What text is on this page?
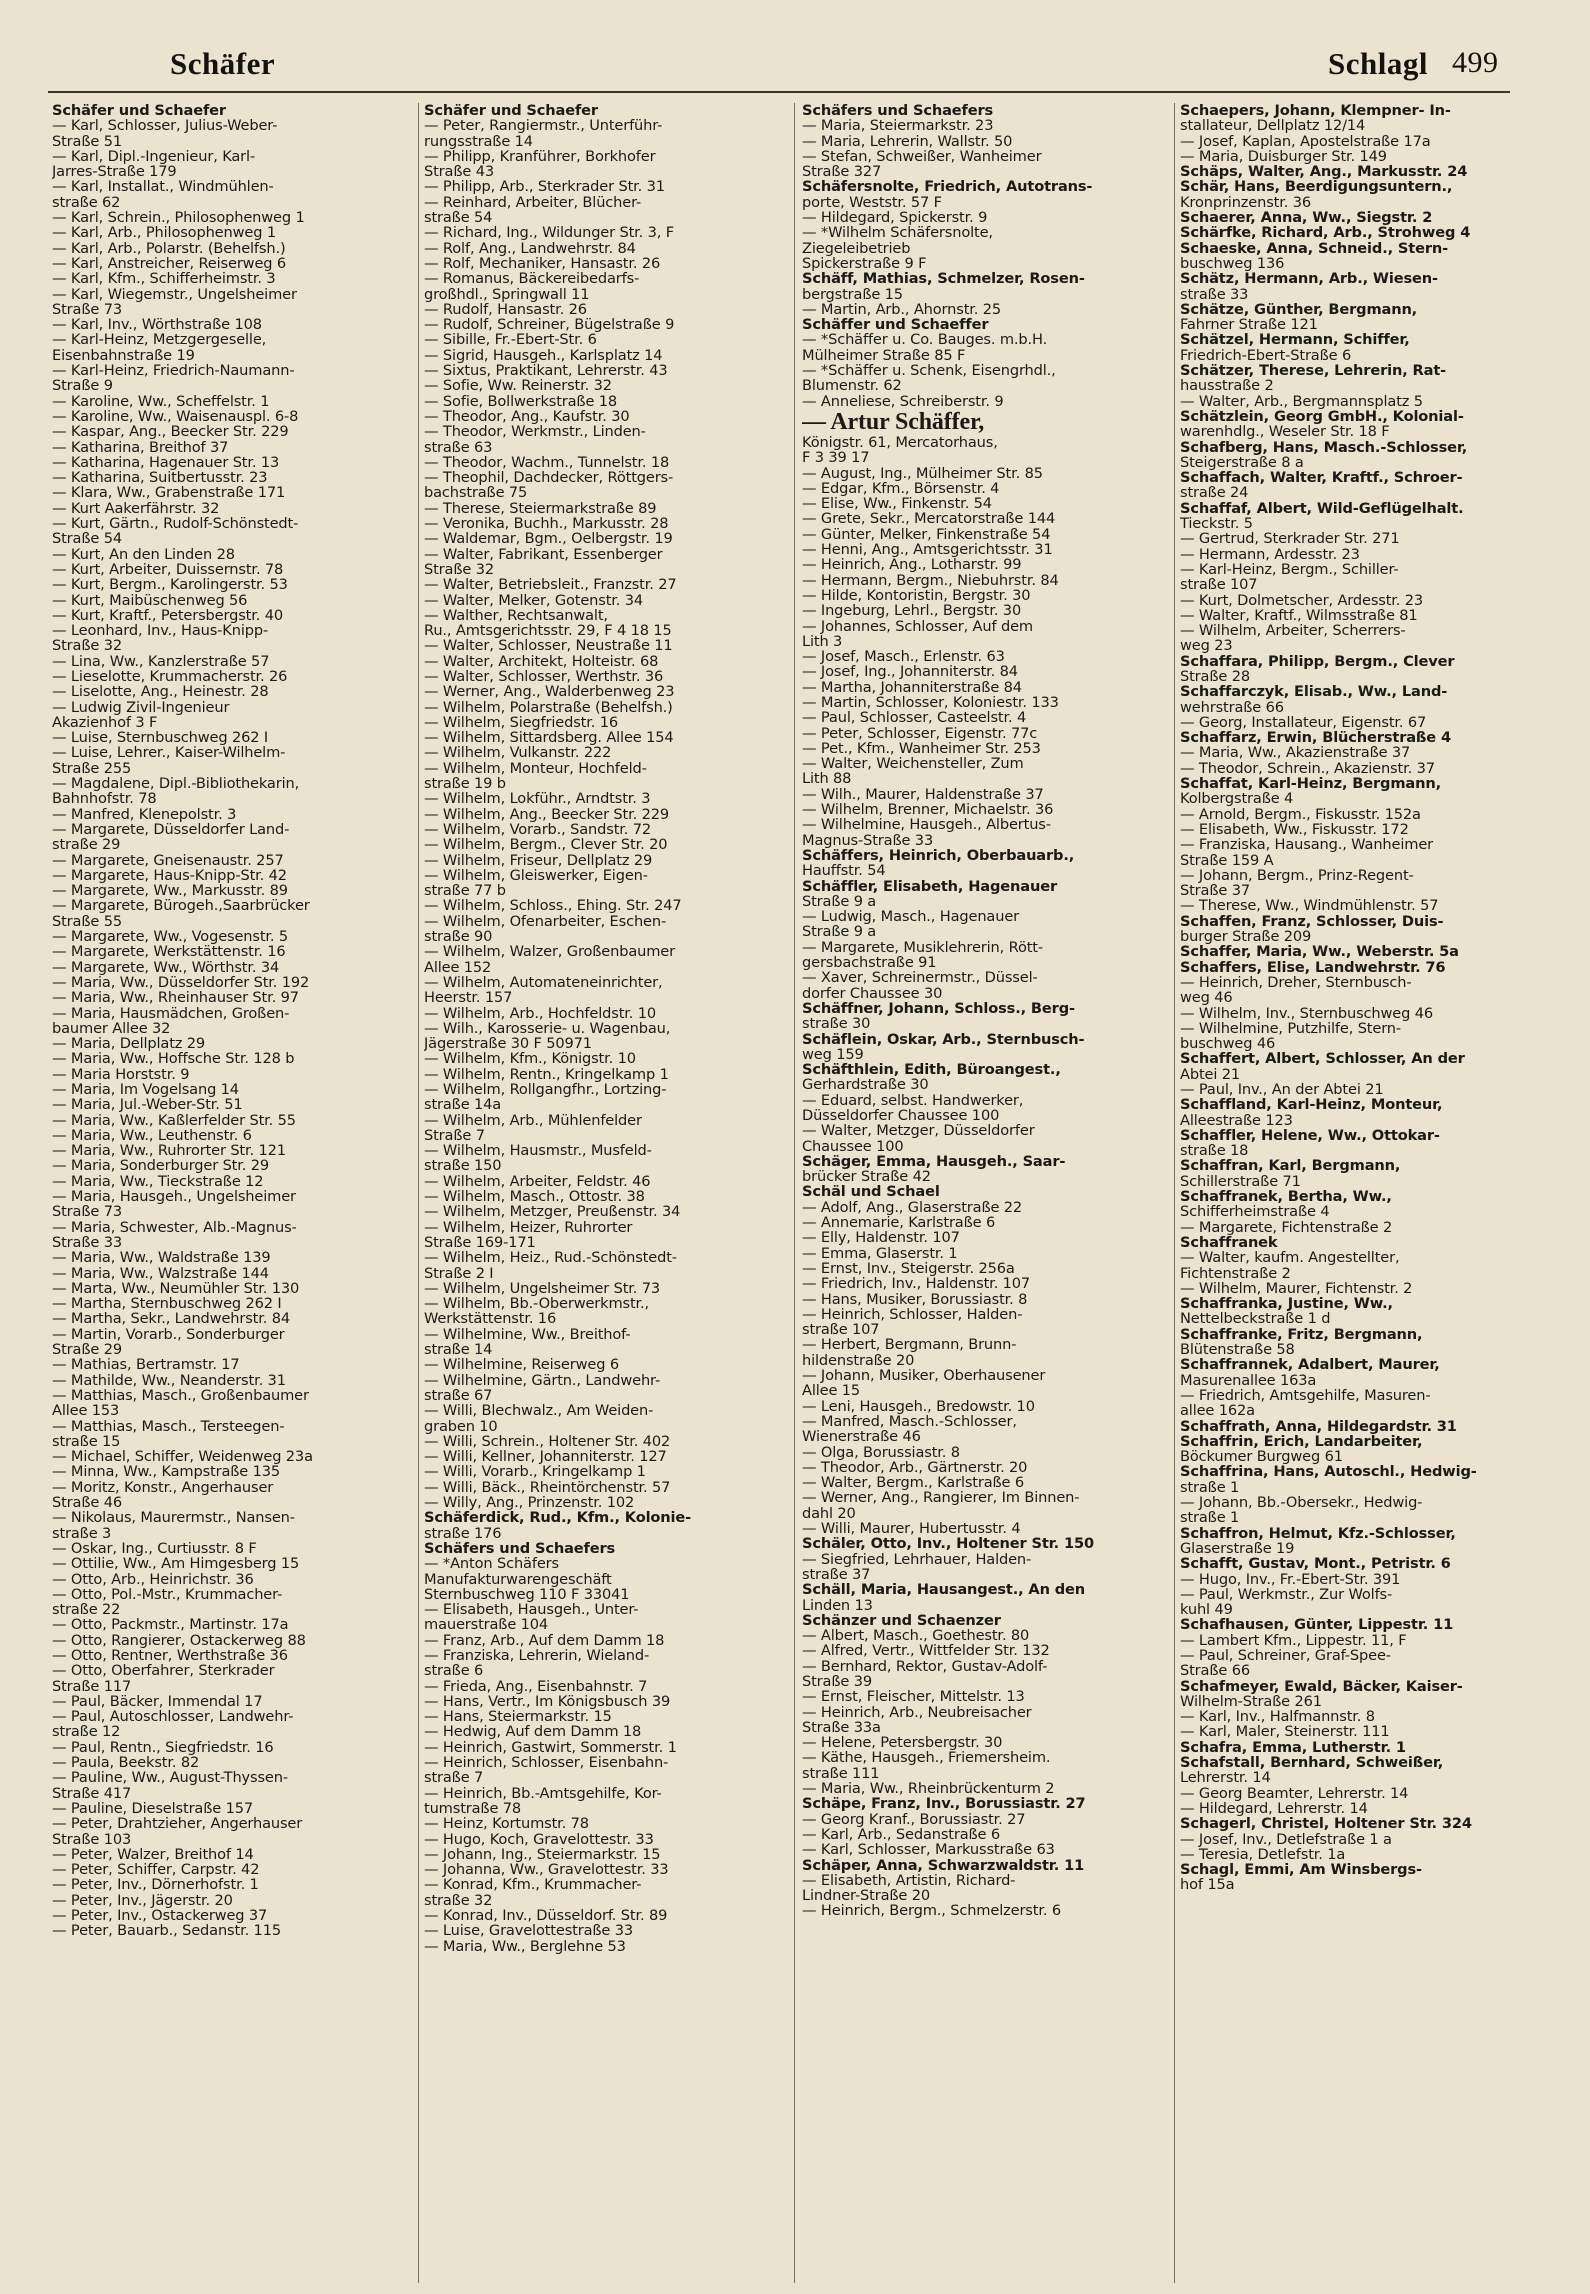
Schäfer	Schlagl 499
Schäfer und Schaefer
— Karl, Schlosser, Julius-Weber-
Straße 51
— Karl, Dipl.-Ingenieur, Karl-
Jarres-Straße 179
— Karl, Installat., Windmühlen-
straße 62
— Karl, Schrein., Philosophenweg 1
— Karl, Arb., Philosophenweg 1
— Karl, Arb., Polarstr. (Behelfsh.)
— Karl, Anstreicher, Reiserweg 6
— Karl, Kfm., Schifferheimstr. 3
— Karl, Wiegemstr., Ungelsheimer
Straße 73
— Karl, Inv., Wörthstraße 108
— Karl-Heinz, Metzgergeselle,
Eisenbahnstraße 19
— Karl-Heinz, Friedrich-Naumann-
Straße 9
— Karoline, Ww., Scheffelstr. 1
— Karoline, Ww., Waisenauspl. 6-8
— Kaspar, Ang., Beecker Str. 229
— Katharina, Breithof 37
— Katharina, Hagenauer Str. 13
— Katharina, Suitbertusstr. 23
— Klara, Ww., Grabenstraße 171
— Kurt Aakerfährstr. 32
— Kurt, Gärtn., Rudolf-Schönstedt-
Straße 54
— Kurt, An den Linden 28
— Kurt, Arbeiter, Duissernstr. 78
— Kurt, Bergm., Karolingerstr. 53
— Kurt, Maibüschenweg 56
— Kurt, Kraftf., Petersbergstr. 40
— Leonhard, Inv., Haus-Knipp-
Straße 32
— Lina, Ww., Kanzlerstraße 57
— Lieselotte, Krummacherstr. 26
— Liselotte, Ang., Heinestr. 28
— Ludwig Zivil-Ingenieur
Akazienhof 3 F
— Luise, Sternbuschweg 262 I
— Luise, Lehrer., Kaiser-Wilhelm-
Straße 255
— Magdalene, Dipl.-Bibliothekarin,
Bahnhofstr. 78
— Manfred, Klenepolstr. 3
— Margarete, Düsseldorfer Land-
straße 29
— Margarete, Gneisenaustr. 257
— Margarete, Haus-Knipp-Str. 42
— Margarete, Ww., Markusstr. 89
— Margarete, Bürogeh.,Saarbrücker
Straße 55
— Margarete, Ww., Vogesenstr. 5
— Margarete, Werkstättenstr. 16
— Margarete, Ww., Wörthstr. 34
— Maria, Ww., Düsseldorfer Str. 192
— Maria, Ww., Rheinhauser Str. 97
— Maria, Hausmädchen, Großen-
baumer Allee 32
— Maria, Dellplatz 29
— Maria, Ww., Hoffsche Str. 128 b
— Maria Horststr. 9
— Maria, Im Vogelsang 14
— Maria, Jul.-Weber-Str. 51
— Maria, Ww., Kaßlerfelder Str. 55
— Maria, Ww., Leuthenstr. 6
— Maria, Ww., Ruhrorter Str. 121
— Maria, Sonderburger Str. 29
— Maria, Ww., Tieckstraße 12
— Maria, Hausgeh., Ungelsheimer
Straße 73
— Maria, Schwester, Alb.-Magnus-
Straße 33
— Maria, Ww., Waldstraße 139
— Maria, Ww., Walzstraße 144
— Marta, Ww., Neumühler Str. 130
— Martha, Sternbuschweg 262 I
— Martha, Sekr., Landwehrstr. 84
— Martin, Vorarb., Sonderburger
Straße 29
— Mathias, Bertramstr. 17
— Mathilde, Ww., Neanderstr. 31
— Matthias, Masch., Großenbaumer
Allee 153
— Matthias, Masch., Tersteegen-
straße 15
— Michael, Schiffer, Weidenweg 23a
— Minna, Ww., Kampstraße 135
— Moritz, Konstr., Angerhauser
Straße 46
— Nikolaus, Maurermstr., Nansen-
straße 3
— Oskar, Ing., Curtiusstr. 8 F
— Ottilie, Ww., Am Himgesberg 15
— Otto, Arb., Heinrichstr. 36
— Otto, Pol.-Mstr., Krummacher-
straße 22
— Otto, Packmstr., Martinstr. 17a
— Otto, Rangierer, Ostackerweg 88
— Otto, Rentner, Werthstraße 36
— Otto, Oberfahrer, Sterkrader
Straße 117
— Paul, Bäcker, Immendal 17
— Paul, Autoschlosser, Landwehr-
straße 12
— Paul, Rentn., Siegfriedstr. 16
— Paula, Beekstr. 82
— Pauline, Ww., August-Thyssen-
Straße 417
— Pauline, Dieselstraße 157
— Peter, Drahtzieher, Angerhauser
Straße 103
— Peter, Walzer, Breithof 14
— Peter, Schiffer, Carpstr. 42
— Peter, Inv., Dörnerhofstr. 1
— Peter, Inv., Jägerstr. 20
— Peter, Inv., Ostackerweg 37
— Peter, Bauarb., Sedanstr. 115
Schäfer und Schaefer
— Peter, Rangiermstr., Unterführ-
rungsstraße 14
— Philipp, Kranführer, Borkhofer
Straße 43
— Philipp, Arb., Sterkrader Str. 31
— Reinhard, Arbeiter, Blücher-
straße 54
— Richard, Ing., Wildunger Str. 3, F
— Rolf, Ang., Landwehrstr. 84
— Rolf, Mechaniker, Hansastr. 26
— Romanus, Bäckereibedarfs-
großhdl., Springwall 11
— Rudolf, Hansastr. 26
— Rudolf, Schreiner, Bügelstraße 9
— Sibille, Fr.-Ebert-Str. 6
— Sigrid, Hausgeh., Karlsplatz 14
— Sixtus, Praktikant, Lehrerstr. 43
— Sofie, Ww. Reinerstr. 32
— Sofie, Bollwerkstraße 18
— Theodor, Ang., Kaufstr. 30
— Theodor, Werkmstr., Linden-
straße 63
— Theodor, Wachm., Tunnelstr. 18
— Theophil, Dachdecker, Röttgers-
bachstraße 75
— Therese, Steiermarkstraße 89
— Veronika, Buchh., Markusstr. 28
— Waldemar, Bgm., Oelbergstr. 19
— Walter, Fabrikant, Essenberger
Straße 32
— Walter, Betriebsleit., Franzstr. 27
— Walter, Melker, Gotenstr. 34
— Walther, Rechtsanwalt,
Ru., Amtsgerichtsstr. 29, F 4 18 15
— Walter, Schlosser, Neustraße 11
— Walter, Architekt, Holteistr. 68
— Walter, Schlosser, Werthstr. 36
— Werner, Ang., Walderbenweg 23
— Wilhelm, Polarstraße (Behelfsh.)
— Wilhelm, Siegfriedstr. 16
— Wilhelm, Sittardsberg. Allee 154
— Wilhelm, Vulkanstr. 222
— Wilhelm, Monteur, Hochfeld-
straße 19 b
— Wilhelm, Lokführ., Arndtstr. 3
— Wilhelm, Ang., Beecker Str. 229
— Wilhelm, Vorarb., Sandstr. 72
— Wilhelm, Bergm., Clever Str. 20
— Wilhelm, Friseur, Dellplatz 29
— Wilhelm, Gleiswerker, Eigen-
straße 77 b
— Wilhelm, Schloss., Ehing. Str. 247
— Wilhelm, Ofenarbeiter, Eschen-
straße 90
— Wilhelm, Walzer, Großenbaumer
Allee 152
— Wilhelm, Automateneinrichter,
Heerstr. 157
— Wilhelm, Arb., Hochfeldstr. 10
— Wilh., Karosserie- u. Wagenbau,
Jägerstraße 30 F 50971
— Wilhelm, Kfm., Königstr. 10
— Wilhelm, Rentn., Kringelkamp 1
— Wilhelm, Rollgangfhr., Lortzing-
straße 14a
— Wilhelm, Arb., Mühlenfelder
Straße 7
— Wilhelm, Hausmstr., Musfeld-
straße 150
— Wilhelm, Arbeiter, Feldstr. 46
— Wilhelm, Masch., Ottostr. 38
— Wilhelm, Metzger, Preußenstr. 34
— Wilhelm, Heizer, Ruhrorter
Straße 169-171
— Wilhelm, Heiz., Rud.-Schönstedt-
Straße 2 I
— Wilhelm, Ungelsheimer Str. 73
— Wilhelm, Bb.-Oberwerkmstr.,
Werkstättenstr. 16
— Wilhelmine, Ww., Breithof-
straße 14
— Wilhelmine, Reiserweg 6
— Wilhelmine, Gärtn., Landwehr-
straße 67
— Willi, Blechwalz., Am Weiden-
graben 10
— Willi, Schrein., Holtener Str. 402
— Willi, Kellner, Johanniterstr. 127
— Willi, Vorarb., Kringelkamp 1
— Willi, Bäck., Rheintörchenstr. 57
— Willy, Ang., Prinzenstr. 102
Schäferdick, Rud., Kfm., Kolonie-
straße 176
Schäfers und Schaefers
— *Anton Schäfers
Manufakturwarengeschäft
Sternbuschweg 110 F 33041
— Elisabeth, Hausgeh., Unter-
mauerstraße 104
— Franz, Arb., Auf dem Damm 18
— Franziska, Lehrerin, Wieland-
straße 6
— Frieda, Ang., Eisenbahnstr. 7
— Hans, Vertr., Im Königsbusch 39
— Hans, Steiermarkstr. 15
— Hedwig, Auf dem Damm 18
— Heinrich, Gastwirt, Sommerstr. 1
— Heinrich, Schlosser, Eisenbahn-
straße 7
— Heinrich, Bb.-Amtsgehilfe, Kor-
tumstraße 78
— Heinz, Kortumstr. 78
— Hugo, Koch, Gravelottestr. 33
— Johann, Ing., Steiermarkstr. 15
— Johanna, Ww., Gravelottestr. 33
— Konrad, Kfm., Krummacher-
straße 32
— Konrad, Inv., Düsseldorf. Str. 89
— Luise, Gravelottestraße 33
— Maria, Ww., Berglehne 53
Schäfers und Schaefers
— Maria, Steiermarkstr. 23
— Maria, Lehrerin, Wallstr. 50
— Stefan, Schweißer, Wanheimer
Straße 327
Schäfersnolte, Friedrich, Autotrans-
porte, Weststr. 57 F
— Hildegard, Spickerstr. 9
— *Wilhelm Schäfersnolte,
Ziegeleibetrieb
Spickerstraße 9 F
Schäff, Mathias, Schmelzer, Rosen-
bergstraße 15
— Martin, Arb., Ahornstr. 25
Schäffer und Schaeffer
— *Schäffer u. Co. Bauges. m.b.H.
Mülheimer Straße 85 F
— *Schäffer u. Schenk, Eisengrhdl.,
Blumenstr. 62
— Anneliese, Schreiberstr. 9
— Artur Schäffer,
Königstr. 61, Mercatorhaus,
F 3 39 17
— August, Ing., Mülheimer Str. 85
— Edgar, Kfm., Börsenstr. 4
— Elise, Ww., Finkenstr. 54
— Grete, Sekr., Mercatorstraße 144
— Günter, Melker, Finkenstraße 54
— Henni, Ang., Amtsgerichtsstr. 31
— Heinrich, Ang., Lotharstr. 99
— Hermann, Bergm., Niebuhrstr. 84
— Hilde, Kontoristin, Bergstr. 30
— Ingeburg, Lehrl., Bergstr. 30
— Johannes, Schlosser, Auf dem
Lith 3
— Josef, Masch., Erlenstr. 63
— Josef, Ing., Johanniterstr. 84
— Martha, Johanniterstraße 84
— Martin, Schlosser, Koloniestr. 133
— Paul, Schlosser, Casteelstr. 4
— Peter, Schlosser, Eigenstr. 77c
— Pet., Kfm., Wanheimer Str. 253
— Walter, Weichensteller, Zum
Lith 88
— Wilh., Maurer, Haldenstraße 37
— Wilhelm, Brenner, Michaelstr. 36
— Wilhelmine, Hausgeh., Albertus-
Magnus-Straße 33
Schäffers, Heinrich, Oberbauarb.,
Hauffstr. 54
Schäffler, Elisabeth, Hagenauer
Straße 9 a
— Ludwig, Masch., Hagenauer
Straße 9 a
— Margarete, Musiklehrerin, Rött-
gersbachstraße 91
— Xaver, Schreinermstr., Düssel-
dorfer Chaussee 30
Schäffner, Johann, Schloss., Berg-
straße 30
Schäflein, Oskar, Arb., Sternbusch-
weg 159
Schäfthlein, Edith, Büroangest.,
Gerhardstraße 30
— Eduard, selbst. Handwerker,
Düsseldorfer Chaussee 100
— Walter, Metzger, Düsseldorfer
Chaussee 100
Schäger, Emma, Hausgeh., Saar-
brücker Straße 42
Schäl und Schael
— Adolf, Ang., Glaserstraße 22
— Annemarie, Karlstraße 6
— Elly, Haldenstr. 107
— Emma, Glaserstr. 1
— Ernst, Inv., Steigerstr. 256a
— Friedrich, Inv., Haldenstr. 107
— Hans, Musiker, Borussiastr. 8
— Heinrich, Schlosser, Halden-
straße 107
— Herbert, Bergmann, Brunn-
hildenstraße 20
— Johann, Musiker, Oberhausener
Allee 15
— Leni, Hausgeh., Bredowstr. 10
— Manfred, Masch.-Schlosser,
Wienerstraße 46
— Olga, Borussiastr. 8
— Theodor, Arb., Gärtnerstr. 20
— Walter, Bergm., Karlstraße 6
— Werner, Ang., Rangierer, Im Binnen-
dahl 20
— Willi, Maurer, Hubertusstr. 4
Schäler, Otto, Inv., Holtener Str. 150
— Siegfried, Lehrhauer, Halden-
straße 37
Schäll, Maria, Hausangest., An den
Linden 13
Schänzer und Schaenzer
— Albert, Masch., Goethestr. 80
— Alfred, Vertr., Wittfelder Str. 132
— Bernhard, Rektor, Gustav-Adolf-
Straße 39
— Ernst, Fleischer, Mittelstr. 13
— Heinrich, Arb., Neubreisacher
Straße 33a
— Helene, Petersbergstr. 30
— Käthe, Hausgeh., Friemersheim.
straße 111
— Maria, Ww., Rheinbrückenturm 2
Schäpe, Franz, Inv., Borussiastr. 27
— Georg Kranf., Borussiastr. 27
— Karl, Arb., Sedanstraße 6
— Karl, Schlosser, Markusstraße 63
Schäper, Anna, Schwarzwaldstr. 11
— Elisabeth, Artistin, Richard-
Lindner-Straße 20
— Heinrich, Bergm., Schmelzerstr. 6
Schaepers, Johann, Klempner- In-
stallateur, Dellplatz 12/14
— Josef, Kaplan, Apostelstraße 17a
— Maria, Duisburger Str. 149
Schäps, Walter, Ang., Markusstr. 24
Schär, Hans, Beerdigungsuntern.,
Kronprinzenstr. 36
Schaerer, Anna, Ww., Siegstr. 2
Schärfke, Richard, Arb., Strohweg 4
Schaeske, Anna, Schneid., Stern-
buschweg 136
Schätz, Hermann, Arb., Wiesen-
straße 33
Schätze, Günther, Bergmann,
Fahrner Straße 121
Schätzel, Hermann, Schiffer,
Friedrich-Ebert-Straße 6
Schätzer, Therese, Lehrerin, Rat-
hausstraße 2
— Walter, Arb., Bergmannsplatz 5
Schätzlein, Georg GmbH., Kolonial-
warenhdlg., Weseler Str. 18 F
Schafberg, Hans, Masch.-Schlosser,
Steigerstraße 8 a
Schaffach, Walter, Kraftf., Schroer-
straße 24
Schaffaf, Albert, Wild-Geflügelhalt.
Tieckstr. 5
— Gertrud, Sterkrader Str. 271
— Hermann, Ardesstr. 23
— Karl-Heinz, Bergm., Schiller-
straße 107
— Kurt, Dolmetscher, Ardesstr. 23
— Walter, Kraftf., Wilmsstraße 81
— Wilhelm, Arbeiter, Scherrers-
weg 23
Schaffara, Philipp, Bergm., Clever
Straße 28
Schaffarczyk, Elisab., Ww., Land-
wehrstraße 66
— Georg, Installateur, Eigenstr. 67
Schaffarz, Erwin, Blücherstraße 4
— Maria, Ww., Akazienstraße 37
— Theodor, Schrein., Akazienstr. 37
Schaffat, Karl-Heinz, Bergmann,
Kolbergstraße 4
— Arnold, Bergm., Fiskusstr. 152a
— Elisabeth, Ww., Fiskusstr. 172
— Franziska, Hausang., Wanheimer
Straße 159 A
— Johann, Bergm., Prinz-Regent-
Straße 37
— Therese, Ww., Windmühlenstr. 57
Schaffen, Franz, Schlosser, Duis-
burger Straße 209
Schaffer, Maria, Ww., Weberstr. 5a
Schaffers, Elise, Landwehrstr. 76
— Heinrich, Dreher, Sternbusch-
weg 46
— Wilhelm, Inv., Sternbuschweg 46
— Wilhelmine, Putzhilfe, Stern-
buschweg 46
Schaffert, Albert, Schlosser, An der
Abtei 21
— Paul, Inv., An der Abtei 21
Schaffland, Karl-Heinz, Monteur,
Alleestraße 123
Schaffler, Helene, Ww., Ottokar-
straße 18
Schaffran, Karl, Bergmann,
Schillerstraße 71
Schaffranek, Bertha, Ww.,
Schifferheimstraße 4
— Margarete, Fichtenstraße 2
Schaffranek
— Walter, kaufm. Angestellter,
Fichtenstraße 2
— Wilhelm, Maurer, Fichtenstr. 2
Schaffranka, Justine, Ww.,
Nettelbeckstraße 1 d
Schaffranke, Fritz, Bergmann,
Blütenstraße 58
Schaffrannek, Adalbert, Maurer,
Masurenallee 163a
— Friedrich, Amtsgehilfe, Masuren-
allee 162a
Schaffrath, Anna, Hildegardstr. 31
Schaffrin, Erich, Landarbeiter,
Böckumer Burgweg 61
Schaffrina, Hans, Autoschl., Hedwig-
straße 1
— Johann, Bb.-Obersekr., Hedwig-
straße 1
Schaffron, Helmut, Kfz.-Schlosser,
Glaserstraße 19
Schafft, Gustav, Mont., Petristr. 6
— Hugo, Inv., Fr.-Ebert-Str. 391
— Paul, Werkmstr., Zur Wolfs-
kuhl 49
Schafhausen, Günter, Lippestr. 11
— Lambert Kfm., Lippestr. 11, F
— Paul, Schreiner, Graf-Spee-
Straße 66
Schafmeyer, Ewald, Bäcker, Kaiser-
Wilhelm-Straße 261
— Karl, Inv., Halfmannstr. 8
— Karl, Maler, Steinerstr. 111
Schafra, Emma, Lutherstr. 1
Schafstall, Bernhard, Schweißer,
Lehrerstr. 14
— Georg Beamter, Lehrerstr. 14
— Hildegard, Lehrerstr. 14
Schagerl, Christel, Holtener Str. 324
— Josef, Inv., Detlefstraße 1 a
— Teresia, Detlefstr. 1a
Schagl, Emmi, Am Winsbergs-
hof 15a
